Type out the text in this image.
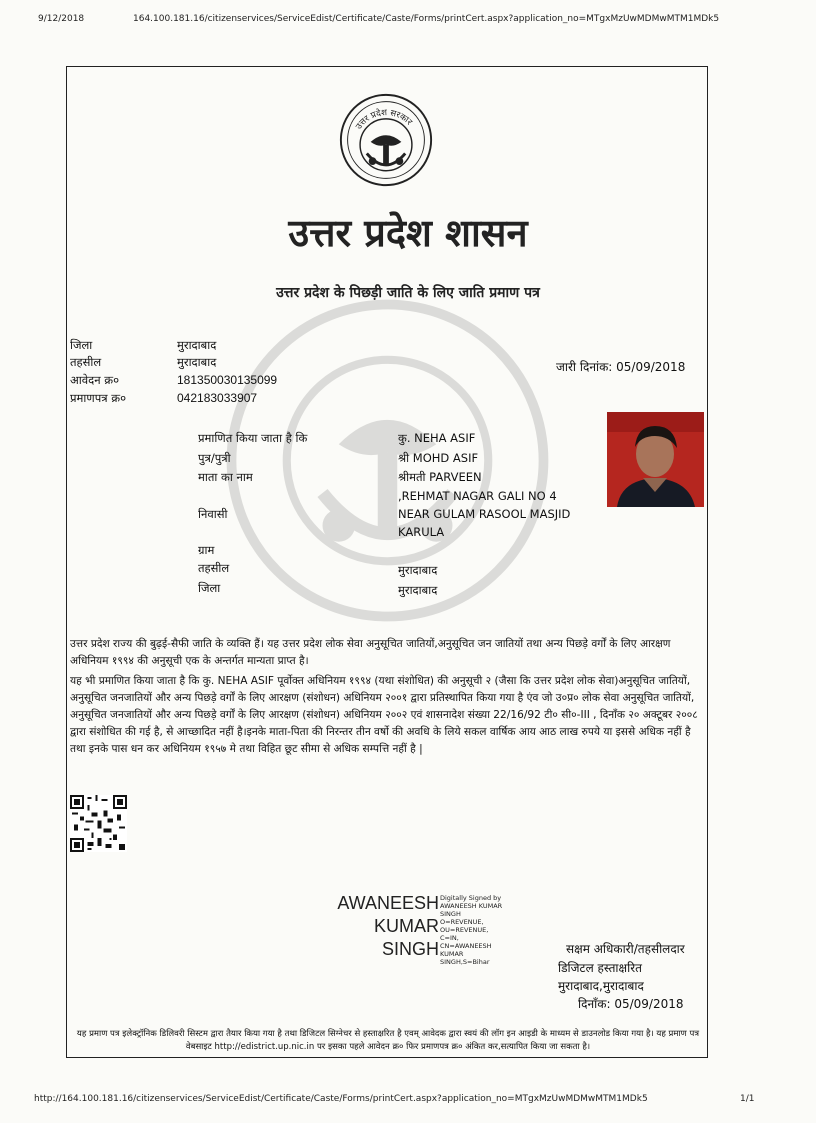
9/12/2018	164.100.181.16/citizenservices/ServiceEdist/Certificate/Caste/Forms/printCert.aspx?application_no=MTgxMzUwMDMwMTM1MDk5
उत्तर प्रदेश सरकार
उत्तर प्रदेश शासन
उत्तर प्रदेश के पिछड़ी जाति के लिए जाति प्रमाण पत्र
जिला	मुरादाबाद
तहसील	मुरादाबाद
आवेदन क्र०	181350030135099
प्रमाणपत्र क्र०	042183033907
जारी दिनांक: 05/09/2018
प्रमाणित किया जाता है कि	कु. NEHA ASIF
पुत्र/पुत्री	श्री MOHD ASIF
माता का नाम	श्रीमती PARVEEN
,REHMAT NAGAR GALI NO 4
निवासी	NEAR GULAM RASOOL MASJID
KARULA
ग्राम
तहसील	मुरादाबाद
जिला	मुरादाबाद
उत्तर प्रदेश राज्य की बुढ़ई-सैफी जाति के व्यक्ति हैं। यह उत्तर प्रदेश लोक सेवा अनुसूचित जातियों,अनुसूचित जन जातियों तथा अन्य पिछड़े वर्गों के लिए आरक्षण अधिनियम १९९४ की अनुसूची एक के अन्तर्गत मान्यता प्राप्त है।
यह भी प्रमाणित किया जाता है कि कु. NEHA ASIF पूर्वोक्त अधिनियम १९९४ (यथा संशोधित) की अनुसूची २ (जैसा कि उत्तर प्रदेश लोक सेवा)अनुसूचित जातियों, अनुसूचित जनजातियों और अन्य पिछड़े वर्गों के लिए आरक्षण (संशोधन) अधिनियम २००१ द्वारा प्रतिस्थापित किया गया है एंव जो उ०प्र० लोक सेवा अनुसूचित जातियों, अनुसूचित जनजातियों और अन्य पिछड़े वर्गों के लिए आरक्षण (संशोधन) अधिनियम २००२ एवं शासनादेश संख्या 22/16/92 टी० सी०-III , दिनाँक २० अक्टूबर २००८ द्वारा संशोधित की गई है, से आच्छादित नहीं है।इनके माता-पिता की निरन्तर तीन वर्षो की अवधि के लिये सकल वार्षिक आय आठ लाख रुपये या इससे अधिक नहीं है तथा इनके पास धन कर अधिनियम १९५७ मे तथा विहित छूट सीमा से अधिक सम्पत्ति नहीं है |
AWANEESH
KUMAR
SINGH
Digitally Signed by
AWANEESH KUMAR
SINGH
O=REVENUE,
OU=REVENUE,
C=IN,
CN=AWANEESH
KUMAR
SINGH,S=Bihar
सक्षम अधिकारी/तहसीलदार
डिजिटल हस्ताक्षरित
मुरादाबाद,मुरादाबाद
दिनाँक: 05/09/2018
यह प्रमाण पत्र इलेक्ट्रॉनिक डिलिवरी सिस्टम द्वारा तैयार किया गया है तथा डिजिटल सिग्नेचर से हस्ताक्षरित है एवम् आवेदक द्वारा स्वयं की लॉग इन आइडी के माध्यम से डाउनलोड किया गया है। यह प्रमाण पत्र वेबसाइट http://edistrict.up.nic.in पर इसका पहले आवेदन क्र० फिर प्रमाणपत्र क्र० अंकित कर,सत्यापित किया जा सकता है।
http://164.100.181.16/citizenservices/ServiceEdist/Certificate/Caste/Forms/printCert.aspx?application_no=MTgxMzUwMDMwMTM1MDk5	1/1
